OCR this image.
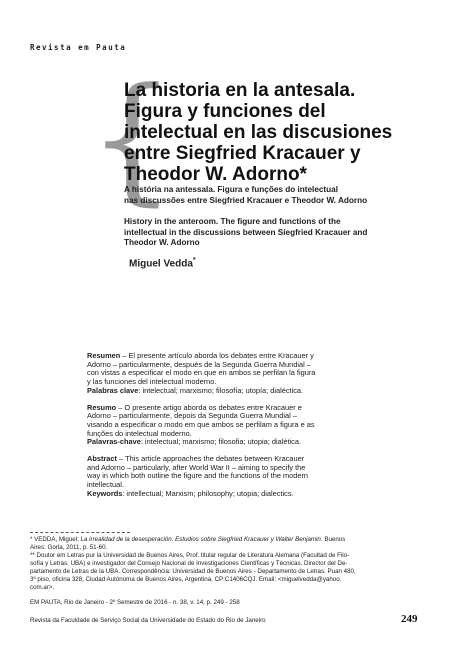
Revista em Pauta
{
La historia en la antesala.
Figura y funciones del
intelectual en las discusiones
entre Siegfried Kracauer y
Theodor W. Adorno*
A história na antessala. Figura e funções do intelectual
nas discussões entre Siegfried Kracauer e Theodor W. Adorno
History in the anteroom. The figure and functions of the
intellectual in the discussions between Siegfried Kracauer and
Theodor W. Adorno
Miguel Vedda*
Resumen – El presente artículo aborda los debates entre Kracauer y
Adorno – particularmente, después de la Segunda Guerra Mundial –
con vistas a especificar el modo en que en ambos se perfilan la figura
y las funciones del intelectual moderno.
Palabras clave: intelectual; marxismo; filosofía; utopía; dialéctica.
Resumo – O presente artigo aborda os debates entre Kracauer e
Adorno – particularmente, depois da Segunda Guerra Mundial –
visando a especificar o modo em que ambos se perfilam a figura e as
funções do intelectual moderno.
Palavras-chave: intelectual; marxismo; filosofia; utopia; dialética.
Abstract – This article approaches the debates between Kracauer
and Adorno – particularly, after World War II – aiming to specify the
way in which both outline the figure and the functions of the modern
intellectual.
Keywords: intellectual; Marxism; philosophy; utopia; dialectics.
* VEDDA, Miguel; La irrealidad de la desesperación. Estudios sobre Siegfried Kracauer y Walter Benjamin. Buenos
Aires: Gorla, 2011, p. 51-60.
** Doutor em Letras pur la Universidad de Buenos Aires, Prof. titular regular de Literatura Alemana (Facultad de Filo-
sofía y Letras, UBA) e investigador del Consejo Nacional de Investigaciones Científicas y Técnicas. Director del De-
partamento de Letras de la UBA. Correspondência: Universidad de Buenos Aires - Departamento de Letras. Puan 480,
3º piso, oficina 328, Ciudad Autónoma de Buenos Aires, Argentina. CP:C1406CQJ. Email: <miguelvedda@yahoo.
com.ar>.
EM PAUTA, Rio de Janeiro - 2º Semestre de 2016 - n. 38, v. 14, p. 249 - 258
Revista da Faculdade de Serviço Social da Universidade do Estado do Rio de Janeiro	249
